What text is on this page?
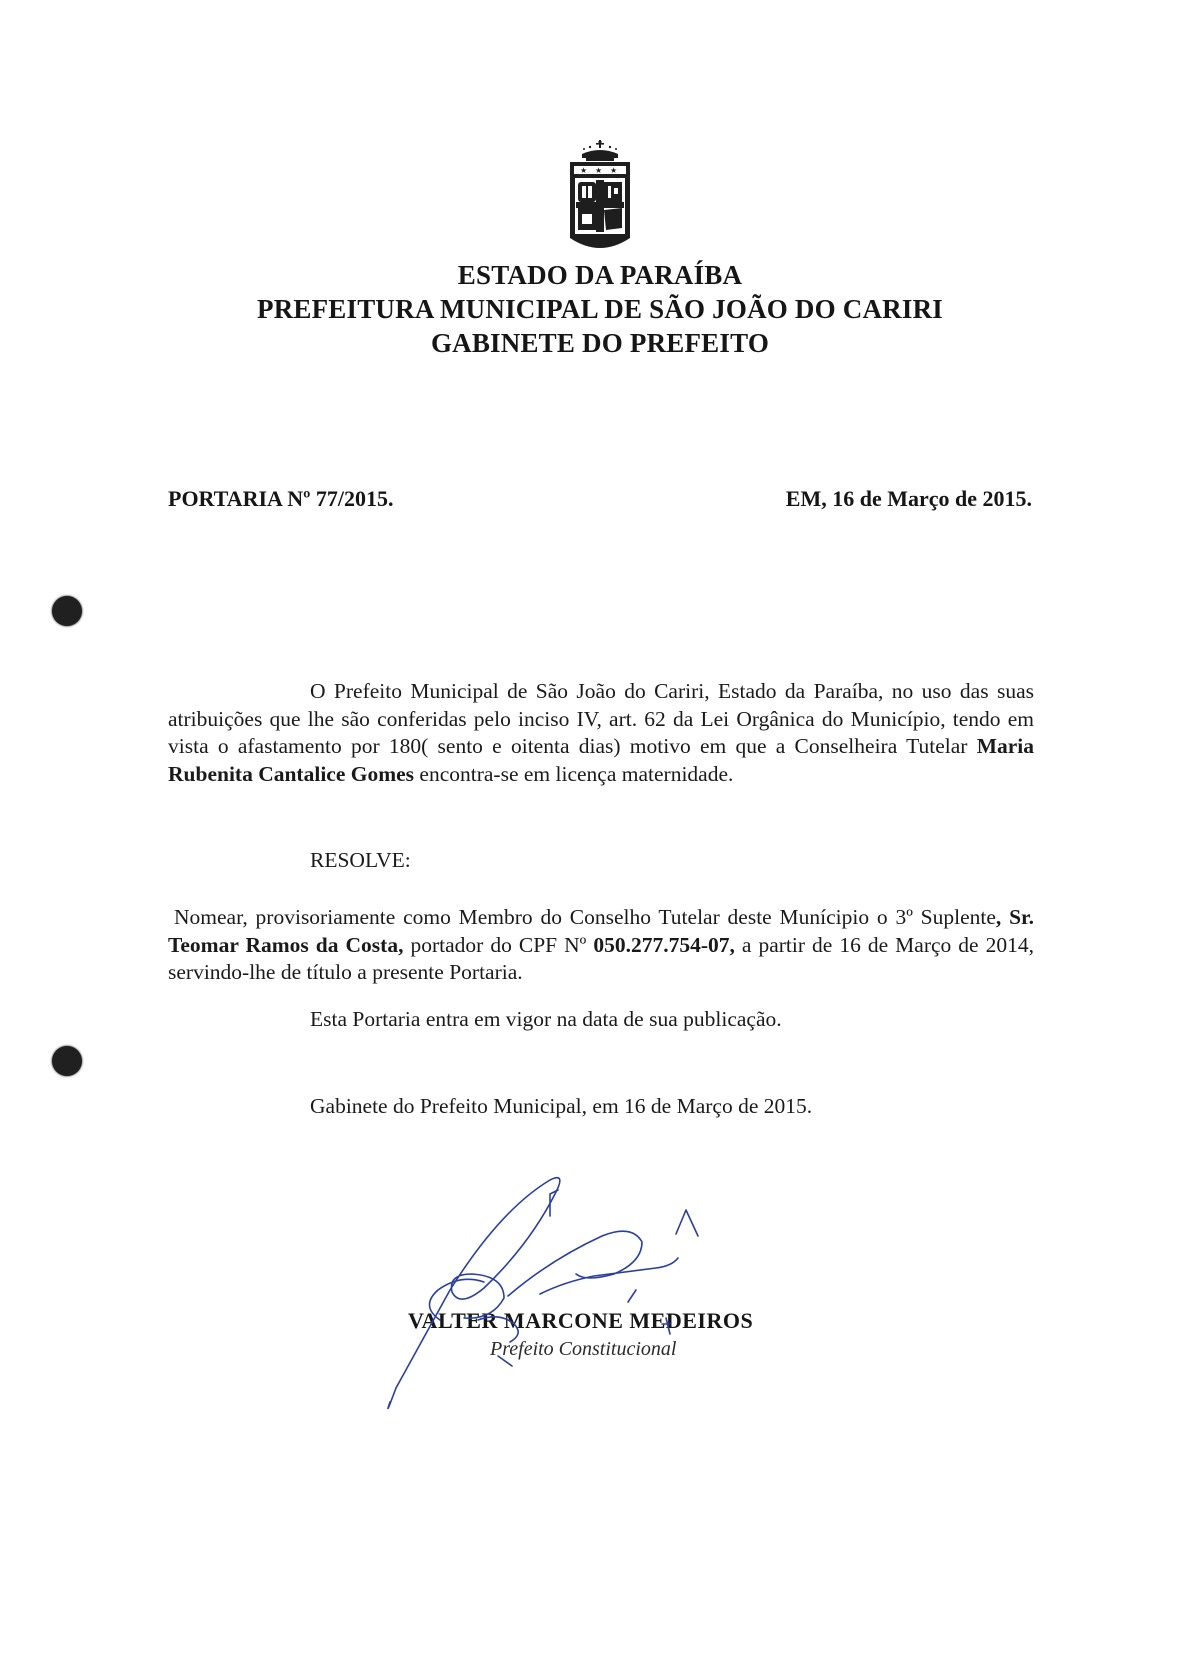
★ ★ ★
ESTADO DA PARAÍBA
PREFEITURA MUNICIPAL DE SÃO JOÃO DO CARIRI
GABINETE DO PREFEITO
PORTARIA Nº 77/2015.	EM, 16 de Março de 2015.
O Prefeito Municipal de São João do Cariri, Estado da Paraíba, no uso das suas atribuições que lhe são conferidas pelo inciso IV, art. 62 da Lei Orgânica do Município, tendo em vista o afastamento por 180( sento e oitenta dias) motivo em que a Conselheira Tutelar Maria Rubenita Cantalice Gomes encontra-se em licença maternidade.
RESOLVE:
Nomear, provisoriamente como Membro do Conselho Tutelar deste Munícipio o 3º Suplente, Sr. Teomar Ramos da Costa, portador do CPF Nº 050.277.754-07, a partir de 16 de Março de 2014, servindo-lhe de título a presente Portaria.
Esta Portaria entra em vigor na data de sua publicação.
Gabinete do Prefeito Municipal, em 16 de Março de 2015.
VALTER MARCONE MEDEIROS
Prefeito Constitucional
